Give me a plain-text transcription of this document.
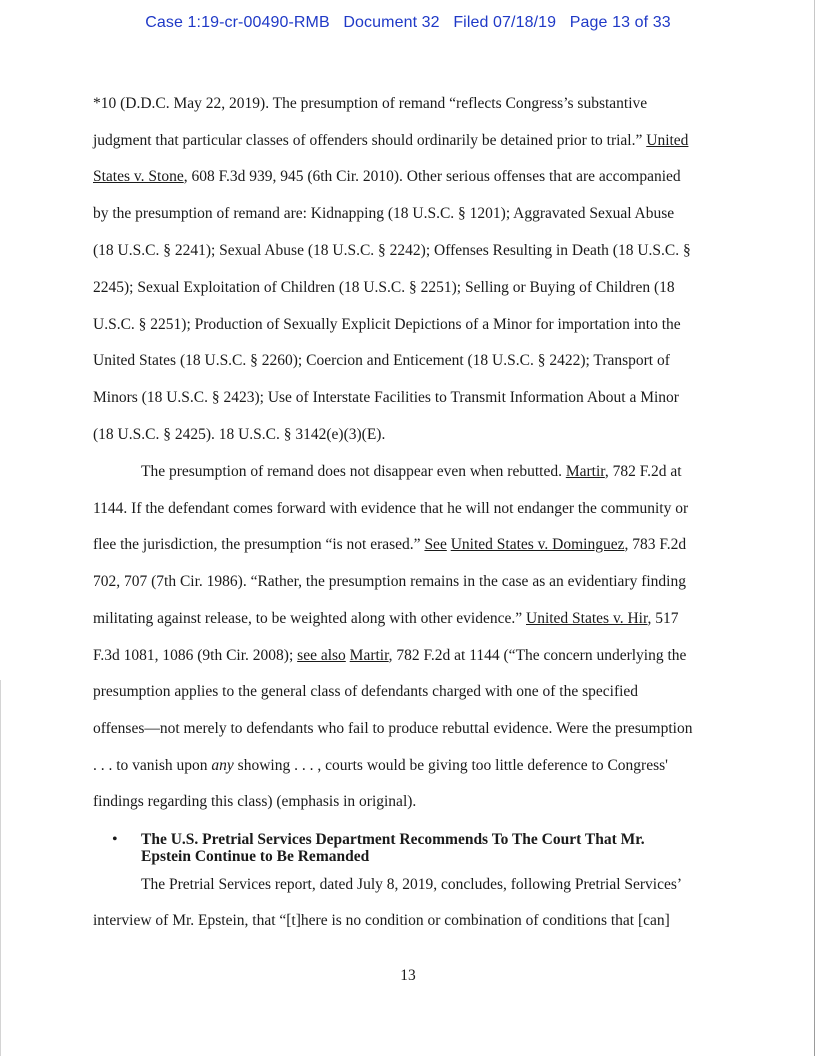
Case 1:19-cr-00490-RMB Document 32 Filed 07/18/19 Page 13 of 33
*10 (D.D.C. May 22, 2019). The presumption of remand “reflects Congress’s substantive
judgment that particular classes of offenders should ordinarily be detained prior to trial.” United
States v. Stone, 608 F.3d 939, 945 (6th Cir. 2010). Other serious offenses that are accompanied
by the presumption of remand are: Kidnapping (18 U.S.C. § 1201); Aggravated Sexual Abuse
(18 U.S.C. § 2241); Sexual Abuse (18 U.S.C. § 2242); Offenses Resulting in Death (18 U.S.C. §
2245); Sexual Exploitation of Children (18 U.S.C. § 2251); Selling or Buying of Children (18
U.S.C. § 2251); Production of Sexually Explicit Depictions of a Minor for importation into the
United States (18 U.S.C. § 2260); Coercion and Enticement (18 U.S.C. § 2422); Transport of
Minors (18 U.S.C. § 2423); Use of Interstate Facilities to Transmit Information About a Minor
(18 U.S.C. § 2425). 18 U.S.C. § 3142(e)(3)(E).
The presumption of remand does not disappear even when rebutted. Martir, 782 F.2d at
1144. If the defendant comes forward with evidence that he will not endanger the community or
flee the jurisdiction, the presumption “is not erased.” See United States v. Dominguez, 783 F.2d
702, 707 (7th Cir. 1986). “Rather, the presumption remains in the case as an evidentiary finding
militating against release, to be weighted along with other evidence.” United States v. Hir, 517
F.3d 1081, 1086 (9th Cir. 2008); see also Martir, 782 F.2d at 1144 (“The concern underlying the
presumption applies to the general class of defendants charged with one of the specified
offenses—not merely to defendants who fail to produce rebuttal evidence. Were the presumption
. . . to vanish upon any showing . . . , courts would be giving too little deference to Congress'
findings regarding this class) (emphasis in original).
• The U.S. Pretrial Services Department Recommends To The Court That Mr.
Epstein Continue to Be Remanded
The Pretrial Services report, dated July 8, 2019, concludes, following Pretrial Services’
interview of Mr. Epstein, that “[t]here is no condition or combination of conditions that [can]
13
